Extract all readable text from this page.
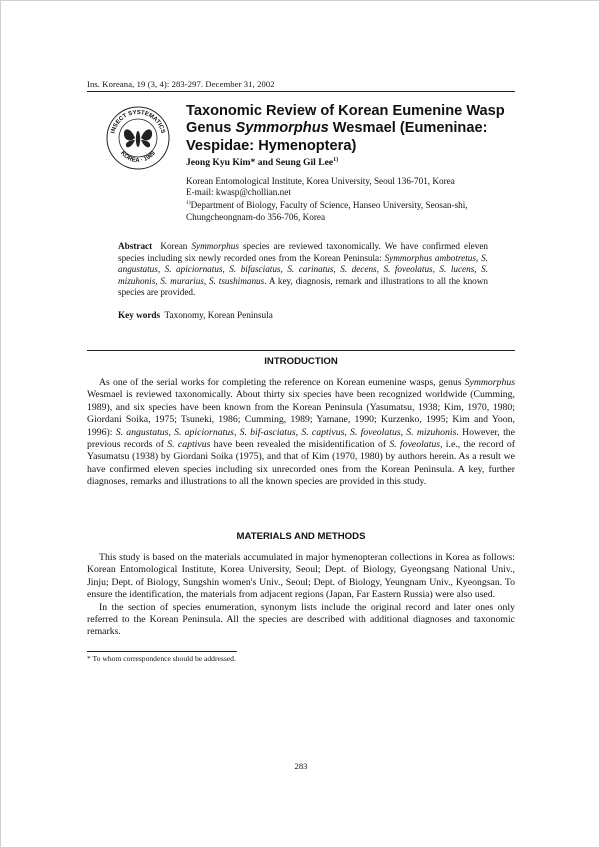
Ins. Koreana, 19 (3, 4): 283-297. December 31, 2002
INSECT SYSTEMATICS
KOREA · 1989
Taxonomic Review of Korean Eumenine Wasp
Genus Symmorphus Wesmael (Eumeninae:
Vespidae: Hymenoptera)
Jeong Kyu Kim* and Seung Gil Lee$^{1)}$
Korean Entomological Institute, Korea University, Seoul 136-701, Korea
E-mail: kwasp@chollian.net
$^{1)}$Department of Biology, Faculty of Science, Hanseo University, Seosan-shi,
Chungcheongnam-do 356-706, Korea
Abstract Korean Symmorphus species are reviewed taxonomically. We have confirmed eleven species including six newly recorded ones from the Korean Peninsula: Symmorphus ambotretus, S. angustatus, S. apiciornatus, S. bifasciatus, S. carinatus, S. decens, S. foveolatus, S. lucens, S. mizuhonis, S. murarius, S. tsushimanus. A key, diagnosis, remark and illustrations to all the known species are provided.
Key words Taxonomy, Korean Peninsula
INTRODUCTION
As one of the serial works for completing the reference on Korean eumenine wasps, genus Symmorphus Wesmael is reviewed taxonomically. About thirty six species have been recognized worldwide (Cumming, 1989), and six species have been known from the Korean Peninsula (Yasumatsu, 1938; Kim, 1970, 1980; Giordani Soika, 1975; Tsuneki, 1986; Cumming, 1989; Yamane, 1990; Kurzenko, 1995; Kim and Yoon, 1996): S. angustatus, S. apiciornatus, S. bif-asciatus, S. captivus, S. foveolatus, S. mizuhonis. However, the previous records of S. captivus have been revealed the misidentification of S. foveolatus, i.e., the record of Yasumatsu (1938) by Giordani Soika (1975), and that of Kim (1970, 1980) by authors herein. As a result we have confirmed eleven species including six unrecorded ones from the Korean Peninsula. A key, further diagnoses, remarks and illustrations to all the known species are provided in this study.
MATERIALS AND METHODS
This study is based on the materials accumulated in major hymenopteran collections in Korea as follows: Korean Entomological Institute, Korea University, Seoul; Dept. of Biology, Gyeongsang National Univ., Jinju; Dept. of Biology, Sungshin women's Univ., Seoul; Dept. of Biology, Yeungnam Univ., Kyeongsan. To ensure the identification, the materials from adjacent regions (Japan, Far Eastern Russia) were also used.
In the section of species enumeration, synonym lists include the original record and later ones only referred to the Korean Peninsula. All the species are described with additional diagnoses and taxonomic remarks.
* To whom correspondence should be addressed.
283
